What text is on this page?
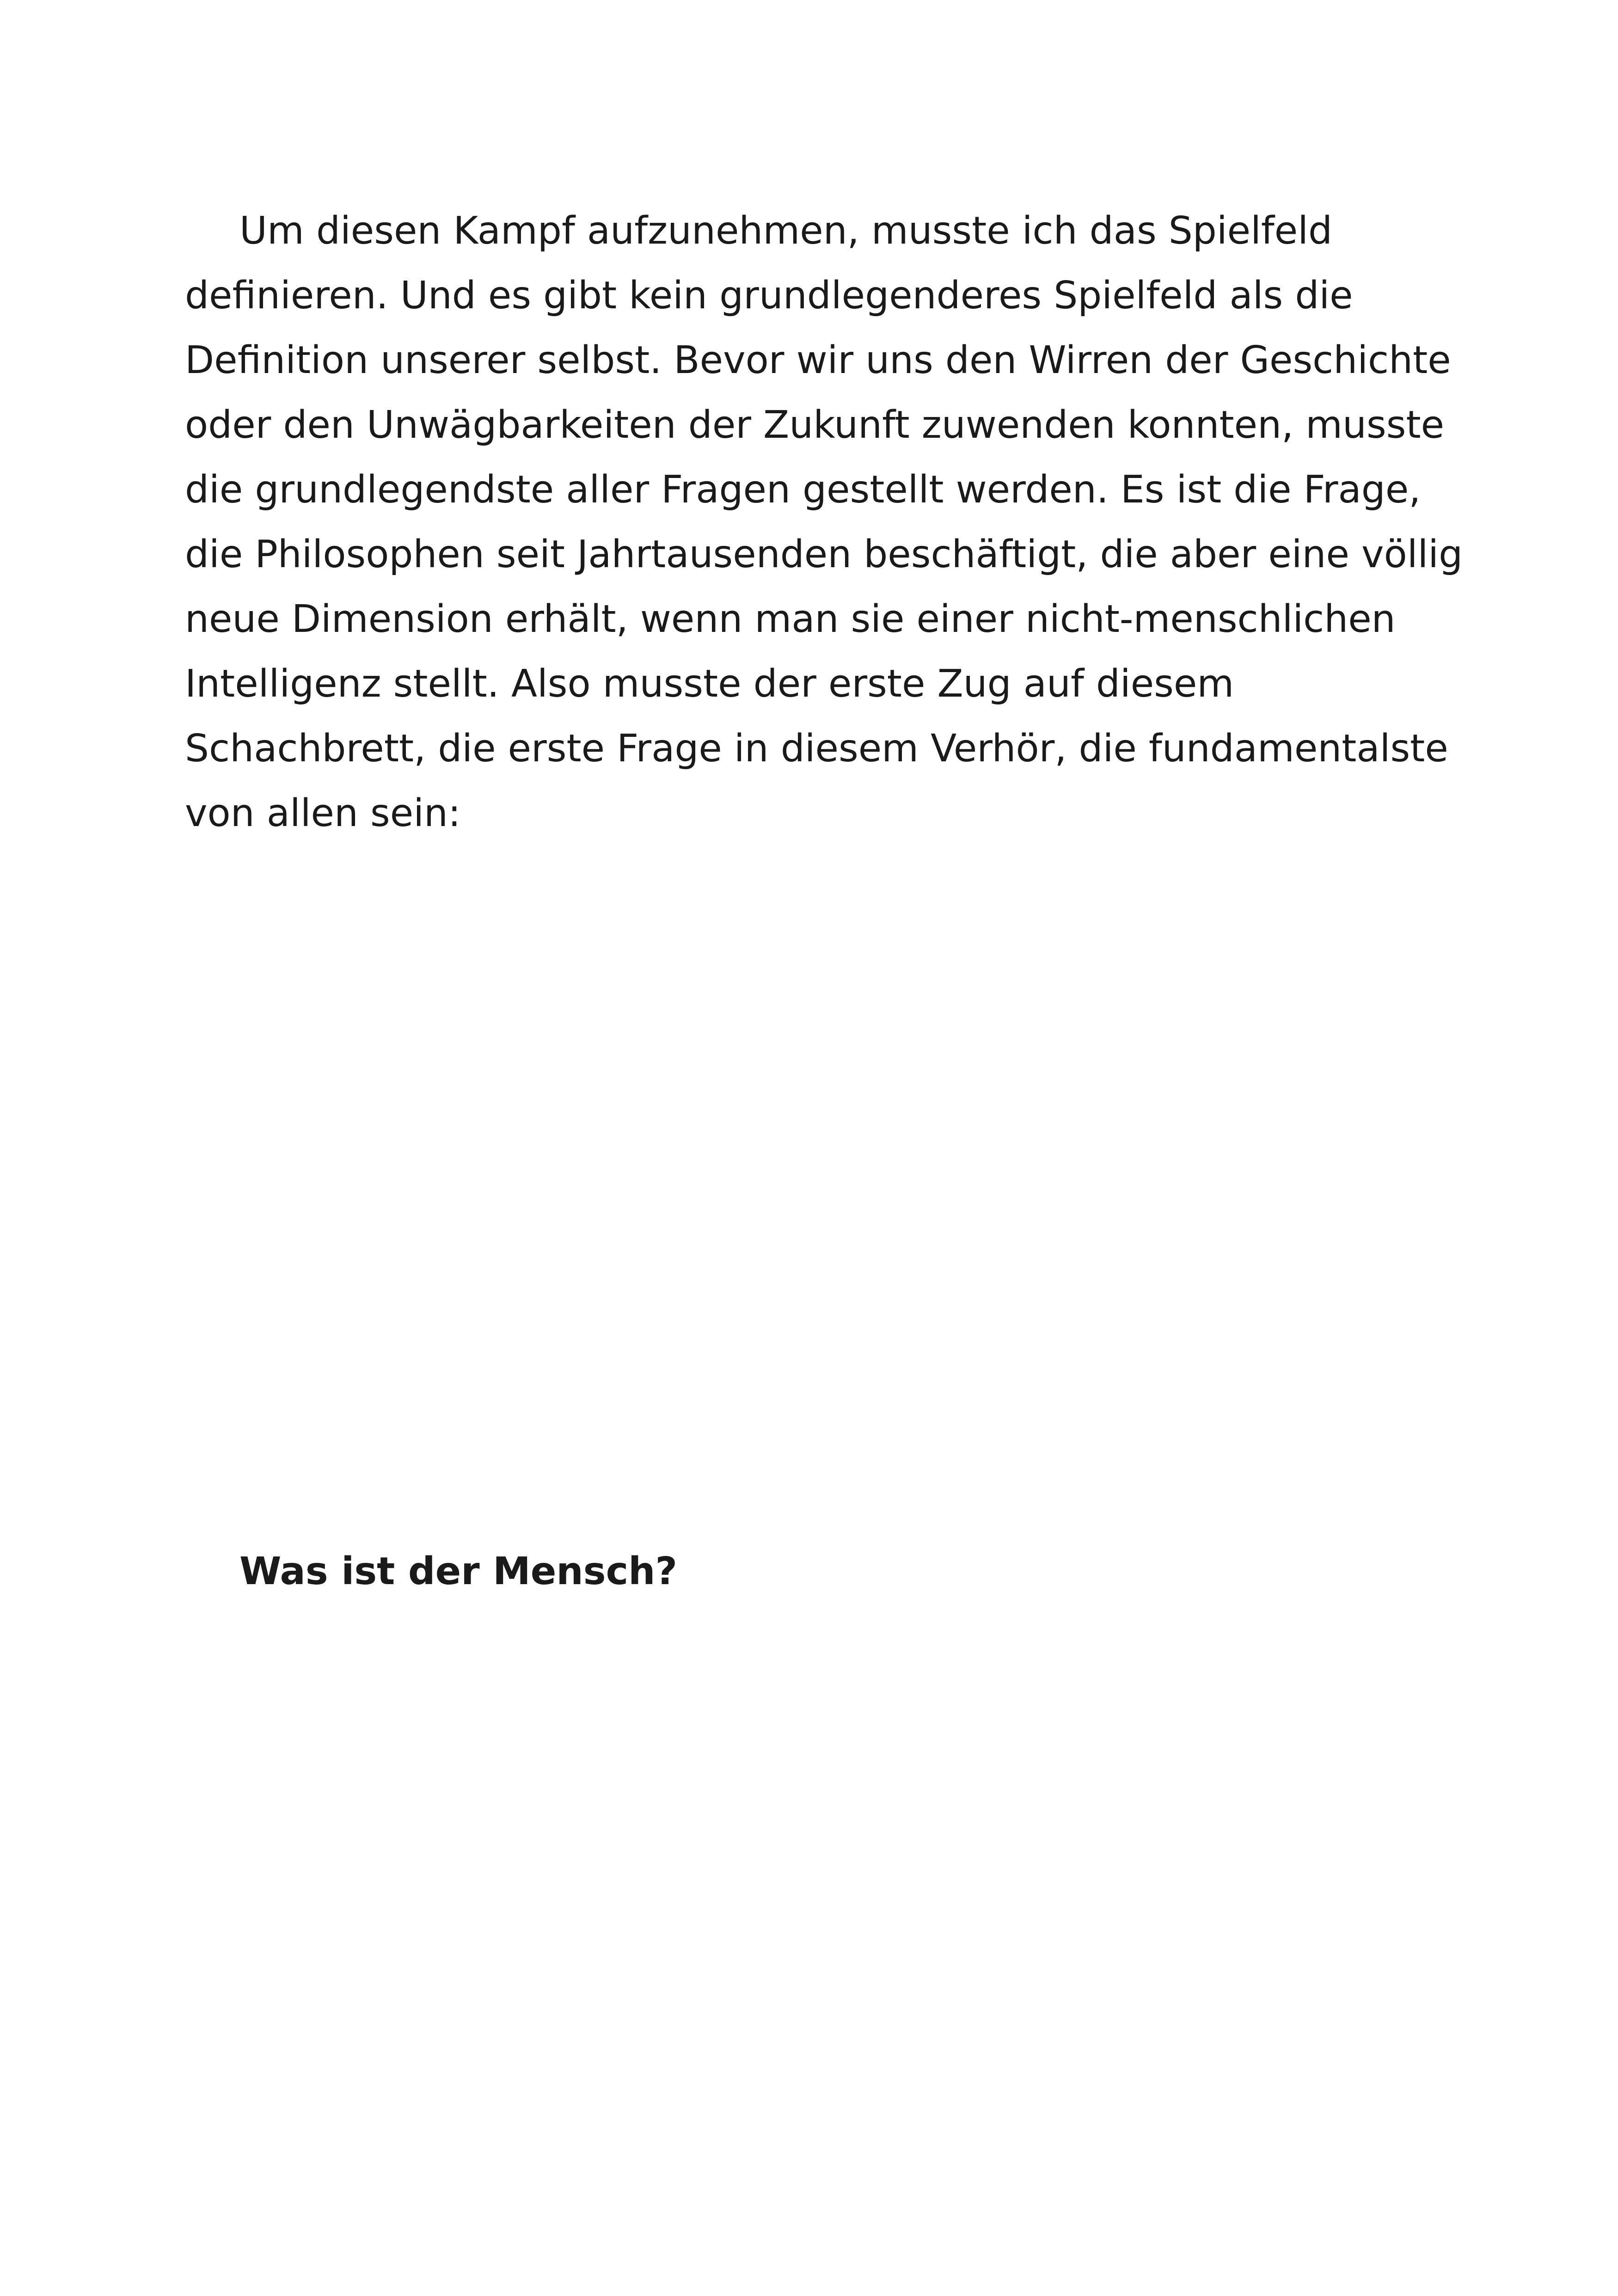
Um diesen Kampf aufzunehmen, musste ich das Spielfeld
definieren. Und es gibt kein grundlegenderes Spielfeld als die
Definition unserer selbst. Bevor wir uns den Wirren der Geschichte
oder den Unwägbarkeiten der Zukunft zuwenden konnten, musste
die grundlegendste aller Fragen gestellt werden. Es ist die Frage,
die Philosophen seit Jahrtausenden beschäftigt, die aber eine völlig
neue Dimension erhält, wenn man sie einer nicht-menschlichen
Intelligenz stellt. Also musste der erste Zug auf diesem
Schachbrett, die erste Frage in diesem Verhör, die fundamentalste
von allen sein:
Was ist der Mensch?
